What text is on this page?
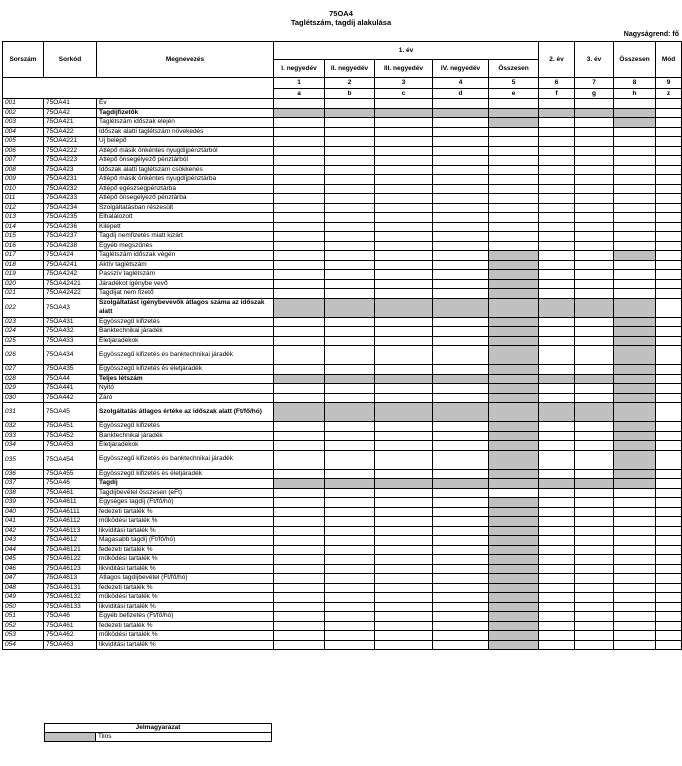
75OA4
Taglétszám, tagdíj alakulása
Nagyságrend: fő
Sorszám	Sorkód	Megnevezés	1. év					2. év	3. év	Összesen	Mód
			I. negyedév	II. negyedév	III. negyedév	IV. negyedév	Összesen				
			1	2	3	4	5	6	7	8	9
			a	b	c	d	e	f	g	h	z
001	75OA41	Év									
002	75OA42	Tagdíjfizetők									
003	75OA421	Taglétszám időszak elején									
004	75OA422	Időszak alatti taglétszám növekedés									
005	75OA4221	Új belépő									
006	75OA4222	Átlépő másik önkéntes nyugdíjpénztárból									
007	75OA4223	Átlépő önsegélyező pénztárból									
008	75OA423	Időszak alatti taglétszám csökkenés									
009	75OA4231	Átlépő másik önkéntes nyugdíjpénztárba									
010	75OA4232	Átlépő egészségpénztárba									
011	75OA4233	Átlépő önsegélyező pénztárba									
012	75OA4234	Szolgáltatásban részesült									
013	75OA4235	Elhalálozott									
014	75OA4236	Kilépett									
015	75OA4237	Tagdíj nemfizetés miatt kizárt									
016	75OA4238	Egyéb megszűnés									
017	75OA424	Taglétszám időszak végén									
018	75OA4241	Aktív taglétszám									
019	75OA4242	Passzív taglétszám									
020	75OA42421	Járadékot igénybe vevő									
021	75OA42422	Tagdíjat nem fizető									
022	75OA43	Szolgáltatást igénybevevők átlagos száma az időszak alatt									
023	75OA431	Egyösszegű kifizetés									
024	75OA432	Banktechnikai járadék									
025	75OA433	Életjáradékok									
026	75OA434	Egyösszegű kifizetés és banktechnikai járadék									
027	75OA435	Egyösszegű kifizetés és életjáradék									
028	75OA44	Teljes létszám									
029	75OA441	Nyitó									
030	75OA442	Záró									
031	75OA45	Szolgáltatás átlagos értéke az időszak alatt (Ft/fő/hó)									
032	75OA451	Egyösszegű kifizetés									
033	75OA452	Banktechnikai járadék									
034	75OA453	Életjáradékok									
035	75OA454	Egyösszegű kifizetés és banktechnikai járadék									
036	75OA455	Egyösszegű kifizetés és életjáradék									
037	75OA46	Tagdíj									
038	75OA461	Tagdíjbevétel összesen (eFt)									
039	75OA4611	Egységes tagdíj (Ft/fő/hó)									
040	75OA46111	fedezeti tartalék %									
041	75OA46112	működési tartalék %									
042	75OA46113	likviditási tartalék %									
043	75OA4612	Magasabb tagdíj (Ft/fő/hó)									
044	75OA46121	fedezeti tartalék %									
045	75OA46122	működési tartalék %									
046	75OA46123	likviditási tartalék %									
047	75OA4613	Átlagos tagdíjbevétel (Ft/fő/hó)									
048	75OA46131	fedezeti tartalék %									
049	75OA46132	működési tartalék %									
050	75OA46133	likviditási tartalék %									
051	75OA46	Egyéb befizetés (Ft/fő/hó)									
052	75OA461	fedezeti tartalék %									
053	75OA462	működési tartalék %									
054	75OA463	likviditási tartalék %									
Jelmagyarázat
	Tilos
